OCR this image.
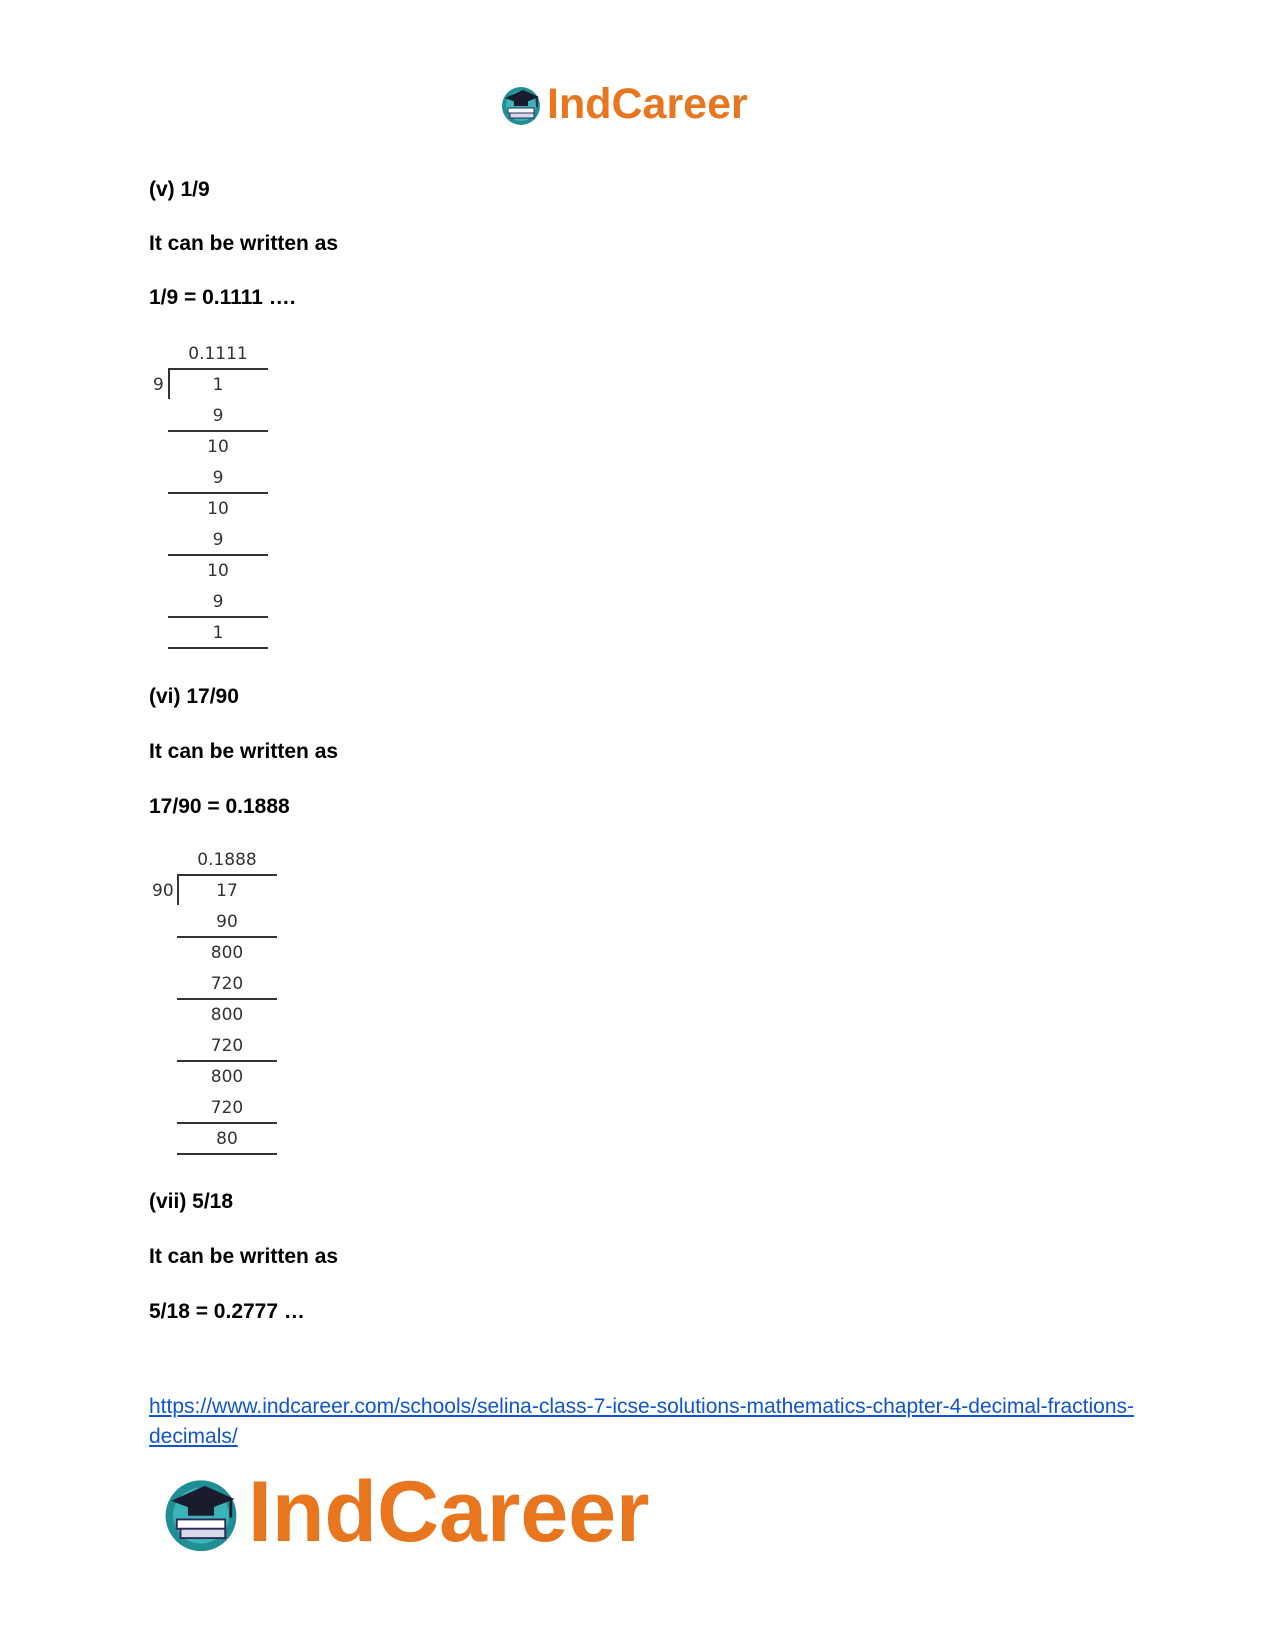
IndCareer
(v) 1/9
It can be written as
1/9 = 0.1111 ….
0.1111
9	1
9
10
9
10
9
10
9
1
(vi) 17/90
It can be written as
17/90 = 0.1888
0.1888
90	17
90
800
720
800
720
800
720
80
(vii) 5/18
It can be written as
5/18 = 0.2777 …
https://www.indcareer.com/schools/selina-class-7-icse-solutions-mathematics-chapter-4-decimal-fractions-decimals/
IndCareer
